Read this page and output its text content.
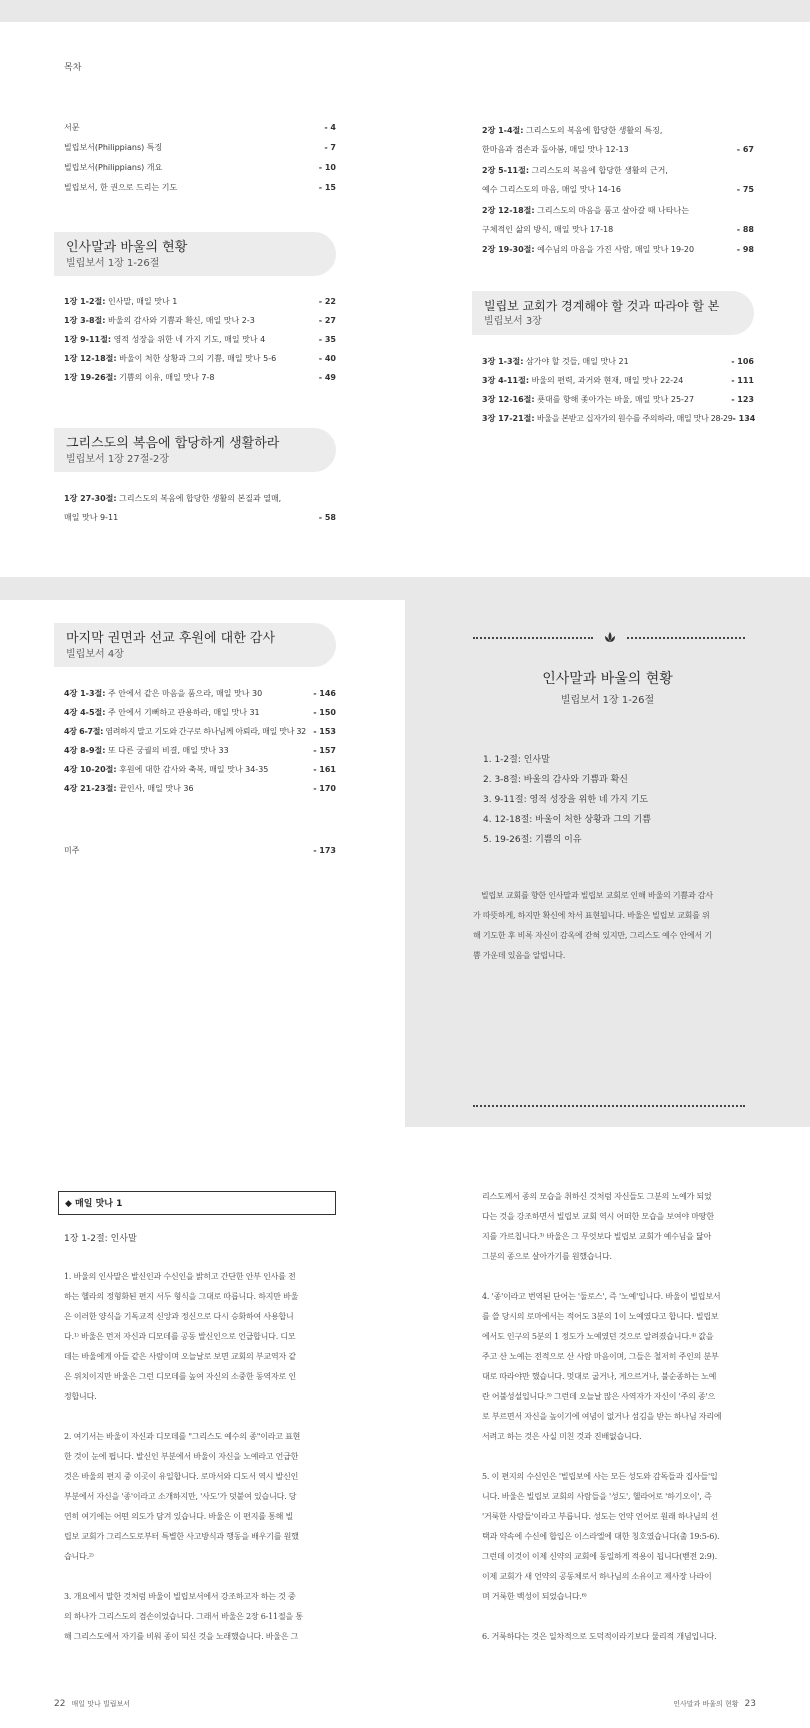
목차
서문	- 4
빌립보서(Philippians) 특징	- 7
빌립보서(Philippians) 개요	- 10
빌립보서, 한 권으로 드리는 기도	- 15
인사말과 바울의 현황
빌립보서 1장 1-26절
1장 1-2절: 인사말, 매일 맛나 1	- 22
1장 3-8절: 바울의 감사와 기쁨과 확신, 매일 맛나 2-3	- 27
1장 9-11절: 영적 성장을 위한 네 가지 기도, 매일 맛나 4	- 35
1장 12-18절: 바울이 처한 상황과 그의 기쁨, 매일 맛나 5-6	- 40
1장 19-26절: 기쁨의 이유, 매일 맛나 7-8	- 49
그리스도의 복음에 합당하게 생활하라
빌립보서 1장 27절-2장
1장 27-30절: 그리스도의 복음에 합당한 생활의 본질과 열매,
매일 맛나 9-11	- 58
2장 1-4절: 그리스도의 복음에 합당한 생활의 특징,
한마음과 겸손과 돌아봄, 매일 맛나 12-13	- 67
2장 5-11절: 그리스도의 복음에 합당한 생활의 근거,
예수 그리스도의 마음, 매일 맛나 14-16	- 75
2장 12-18절: 그리스도의 마음을 품고 살아갈 때 나타나는
구체적인 삶의 방식, 매일 맛나 17-18	- 88
2장 19-30절: 예수님의 마음을 가진 사람, 매일 맛나 19-20	- 98
빌립보 교회가 경계해야 할 것과 따라야 할 본
빌립보서 3장
3장 1-3절: 삼가야 할 것들, 매일 맛나 21	- 106
3장 4-11절: 바울의 편력, 과거와 현재, 매일 맛나 22-24	- 111
3장 12-16절: 푯대를 향해 좇아가는 바울, 매일 맛나 25-27	- 123
3장 17-21절: 바울을 본받고 십자가의 원수를 주의하라, 매일 맛나 28-29 - 134
마지막 권면과 선교 후원에 대한 감사
빌립보서 4장
4장 1-3절: 주 안에서 같은 마음을 품으라, 매일 맛나 30	- 146
4장 4-5절: 주 안에서 기뻐하고 관용하라, 매일 맛나 31	- 150
4장 6-7절: 염려하지 말고 기도와 간구로 하나님께 아뢰라, 매일 맛나 32 - 153
4장 8-9절: 또 다른 궁궐의 비결, 매일 맛나 33	- 157
4장 10-20절: 후원에 대한 감사와 축복, 매일 맛나 34-35	- 161
4장 21-23절: 끝인사, 매일 맛나 36	- 170
미주	- 173
인사말과 바울의 현황
빌립보서 1장 1-26절
1. 1-2절: 인사말
2. 3-8절: 바울의 감사와 기쁨과 확신
3. 9-11절: 영적 성장을 위한 네 가지 기도
4. 12-18절: 바울이 처한 상황과 그의 기쁨
5. 19-26절: 기쁨의 이유
빌립보 교회를 향한 인사말과 빌립보 교회로 인해 바울의 기쁨과 감사
가 따뜻하게, 하지만 확신에 차서 표현됩니다. 바울은 빌립보 교회를 위
해 기도한 후 비록 자신이 감옥에 갇혀 있지만, 그리스도 예수 안에서 기
쁨 가운데 있음을 알립니다.
◆ 매일 맛나 1
1장 1-2절: 인사말
1. 바울의 인사말은 발신인과 수신인을 밝히고 간단한 안부 인사를 전
하는 헬라의 정형화된 편지 서두 형식을 그대로 따릅니다. 하지만 바울
은 이러한 양식을 기독교적 신앙과 정신으로 다시 승화하여 사용합니
다.¹⁾ 바울은 먼저 자신과 디모데를 공동 발신인으로 언급합니다. 디모
데는 바울에게 아들 같은 사람이며 오늘날로 보면 교회의 부교역자 같
은 위치이지만 바울은 그런 디모데를 높여 자신의 소중한 동역자로 인
정합니다.
2. 여기서는 바울이 자신과 디모데를 "그리스도 예수의 종"이라고 표현
한 것이 눈에 띕니다. 발신인 부분에서 바울이 자신을 노예라고 언급한
것은 바울의 편지 중 이곳이 유일합니다. 로마서와 디도서 역시 발신인
부분에서 자신을 '종'이라고 소개하지만, '사도'가 덧붙여 있습니다. 당
연히 여기에는 어떤 의도가 담겨 있습니다. 바울은 이 편지를 통해 빌
립보 교회가 그리스도로부터 특별한 사고방식과 행동을 배우기를 원했
습니다.²⁾
3. 개요에서 말한 것처럼 바울이 빌립보서에서 강조하고자 하는 것 중
의 하나가 그리스도의 겸손이었습니다. 그래서 바울은 2장 6-11절을 통
해 그리스도에서 자기를 비워 종이 되신 것을 노래했습니다. 바울은 그
리스도께서 종의 모습을 취하신 것처럼 자신들도 그분의 노예가 되었
다는 것을 강조하면서 빌립보 교회 역시 어떠한 모습을 보여야 마땅한
지를 가르칩니다.³⁾ 바울은 그 무엇보다 빌립보 교회가 예수님을 닮아
그분의 종으로 살아가기를 원했습니다.
4. '종'이라고 번역된 단어는 '둘로스', 즉 '노예'입니다. 바울이 빌립보서
를 쓸 당시의 로마에서는 적어도 3분의 1이 노예였다고 합니다. 빌립보
에서도 인구의 5분의 1 정도가 노예였던 것으로 알려졌습니다.⁴⁾ 값을
주고 산 노예는 전적으로 산 사람 마음이며, 그들은 철저히 주인의 분부
대로 따라야만 했습니다. 멋대로 굽거나, 게으르거나, 불순종하는 노예
란 어불성설입니다.⁵⁾ 그런데 오늘날 많은 사역자가 자신이 '주의 종'으
로 부르면서 자신을 높이기에 여념이 없거나 섬김을 받는 하나님 자리에
서려고 하는 것은 사실 미친 것과 진배없습니다.
5. 이 편지의 수신인은 '빌립보에 사는 모든 성도와 감독들과 집사들'입
니다. 바울은 빌립보 교회의 사람들을 '성도', 헬라어로 '하기오이', 즉
'거룩한 사람들'이라고 부릅니다. 성도는 언약 언어로 원래 하나님의 선
택과 약속에 수신에 합입은 이스라엘에 대한 칭호였습니다(출 19:5-6).
그런데 이것이 이제 신약의 교회에 동일하게 적용이 됩니다(벧전 2:9).
이제 교회가 새 언약의 공동체로서 하나님의 소유이고 제사장 나라이
며 거룩한 백성이 되었습니다.⁶⁾
6. 거룩하다는 것은 일차적으로 도덕적이라기보다 물리적 개념입니다.
22 매일 맛나 빌립보서	인사말과 바울의 현황 23
